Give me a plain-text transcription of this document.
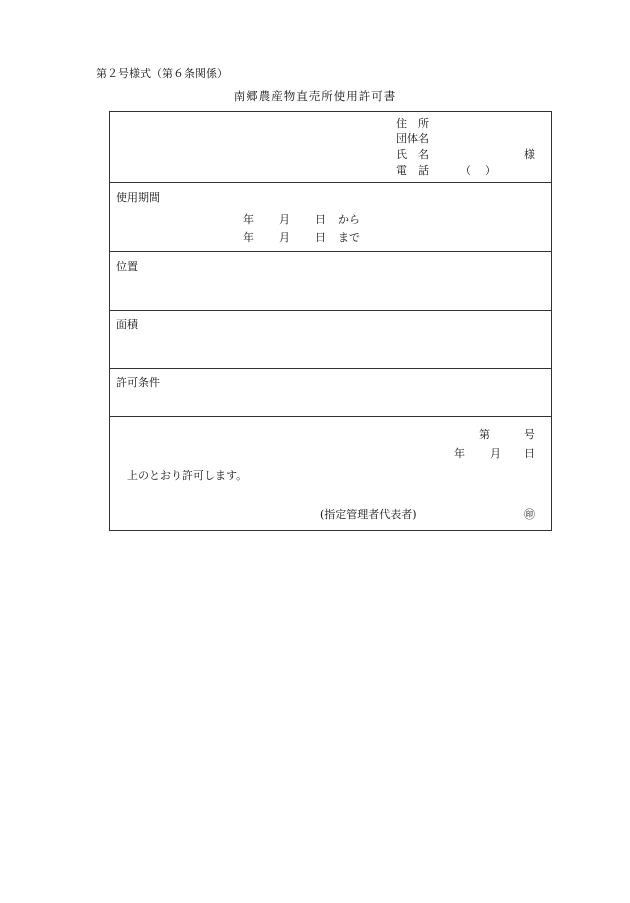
第２号様式（第６条関係）
南郷農産物直売所使用許可書
住　所
団体名
氏　名	様
電　話	（ ）
使用期間
年 月 日 から
年 月 日 まで
位置
面積
許可条件
第	号
年 月 日
上のとおり許可します。
(指定管理者代表者)	㊞
